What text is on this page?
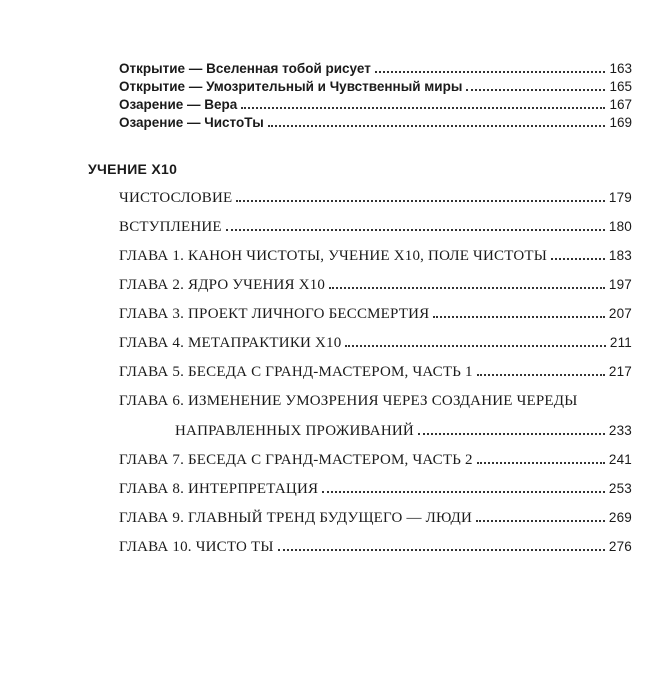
Открытие — Вселенная тобой рисует	163
Открытие — Умозрительный и Чувственный миры	165
Озарение — Вера	167
Озарение — ЧистоТы	169
УЧЕНИЕ Х10
ЧИСТОСЛОВИЕ	179
ВСТУПЛЕНИЕ	180
ГЛАВА 1. КАНОН ЧИСТОТЫ, УЧЕНИЕ Х10, ПОЛЕ ЧИСТОТЫ	183
ГЛАВА 2. ЯДРО УЧЕНИЯ Х10	197
ГЛАВА 3. ПРОЕКТ ЛИЧНОГО БЕССМЕРТИЯ	207
ГЛАВА 4. МЕТАПРАКТИКИ Х10	211
ГЛАВА 5. БЕСЕДА С ГРАНД-МАСТЕРОМ, ЧАСТЬ 1	217
ГЛАВА 6. ИЗМЕНЕНИЕ УМОЗРЕНИЯ ЧЕРЕЗ СОЗДАНИЕ ЧЕРЕДЫ
НАПРАВЛЕННЫХ ПРОЖИВАНИЙ	233
ГЛАВА 7. БЕСЕДА С ГРАНД-МАСТЕРОМ, ЧАСТЬ 2	241
ГЛАВА 8. ИНТЕРПРЕТАЦИЯ	253
ГЛАВА 9. ГЛАВНЫЙ ТРЕНД БУДУЩЕГО — ЛЮДИ	269
ГЛАВА 10. ЧИСТО ТЫ	276
